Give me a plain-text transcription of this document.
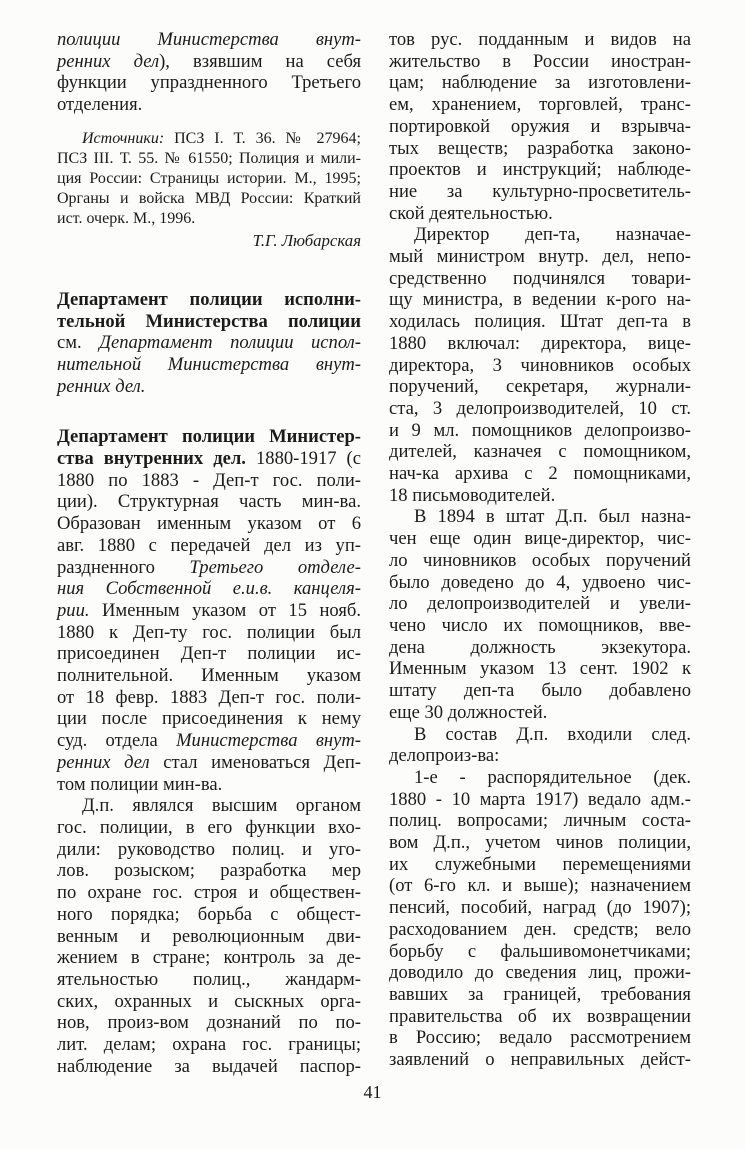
полиции Министерства внут-
ренних дел), взявшим на себя
функции упраздненного Третьего
отделения.
Источники: ПСЗ I. Т. 36. № 27964;
ПСЗ III. Т. 55. № 61550; Полиция и мили-
ция России: Страницы истории. М., 1995;
Органы и войска МВД России: Краткий
ист. очерк. М., 1996.
Т.Г. Любарская
Департамент полиции исполни-
тельной Министерства полиции
см. Департамент полиции испол-
нительной Министерства внут-
ренних дел.
Департамент полиции Министер-
ства внутренних дел. 1880-1917 (с
1880 по 1883 - Деп-т гос. поли-
ции). Структурная часть мин-ва.
Образован именным указом от 6
авг. 1880 с передачей дел из уп-
раздненного Третьего отделе-
ния Собственной е.и.в. канцеля-
рии. Именным указом от 15 нояб.
1880 к Деп-ту гос. полиции был
присоединен Деп-т полиции ис-
полнительной. Именным указом
от 18 февр. 1883 Деп-т гос. поли-
ции после присоединения к нему
суд. отдела Министерства внут-
ренних дел стал именоваться Деп-
том полиции мин-ва.
Д.п. являлся высшим органом
гос. полиции, в его функции вхо-
дили: руководство полиц. и уго-
лов. розыском; разработка мер
по охране гос. строя и обществен-
ного порядка; борьба с общест-
венным и революционным дви-
жением в стране; контроль за де-
ятельностью полиц., жандарм-
ских, охранных и сыскных орга-
нов, произ-вом дознаний по по-
лит. делам; охрана гос. границы;
наблюдение за выдачей паспор-
тов рус. подданным и видов на
жительство в России иностран-
цам; наблюдение за изготовлени-
ем, хранением, торговлей, транс-
портировкой оружия и взрывча-
тых веществ; разработка законо-
проектов и инструкций; наблюде-
ние за культурно-просветитель-
ской деятельностью.
Директор деп-та, назначае-
мый министром внутр. дел, непо-
средственно подчинялся товари-
щу министра, в ведении к-рого на-
ходилась полиция. Штат деп-та в
1880 включал: директора, вице-
директора, 3 чиновников особых
поручений, секретаря, журнали-
ста, 3 делопроизводителей, 10 ст.
и 9 мл. помощников делопроизво-
дителей, казначея с помощником,
нач-ка архива с 2 помощниками,
18 письмоводителей.
В 1894 в штат Д.п. был назна-
чен еще один вице-директор, чис-
ло чиновников особых поручений
было доведено до 4, удвоено чис-
ло делопроизводителей и увели-
чено число их помощников, вве-
дена должность экзекутора.
Именным указом 13 сент. 1902 к
штату деп-та было добавлено
еще 30 должностей.
В состав Д.п. входили след.
делопроиз-ва:
1-е - распорядительное (дек.
1880 - 10 марта 1917) ведало адм.-
полиц. вопросами; личным соста-
вом Д.п., учетом чинов полиции,
их служебными перемещениями
(от 6-го кл. и выше); назначением
пенсий, пособий, наград (до 1907);
расходованием ден. средств; вело
борьбу с фальшивомонетчиками;
доводило до сведения лиц, прожи-
вавших за границей, требования
правительства об их возвращении
в Россию; ведало рассмотрением
заявлений о неправильных дейст-
41
